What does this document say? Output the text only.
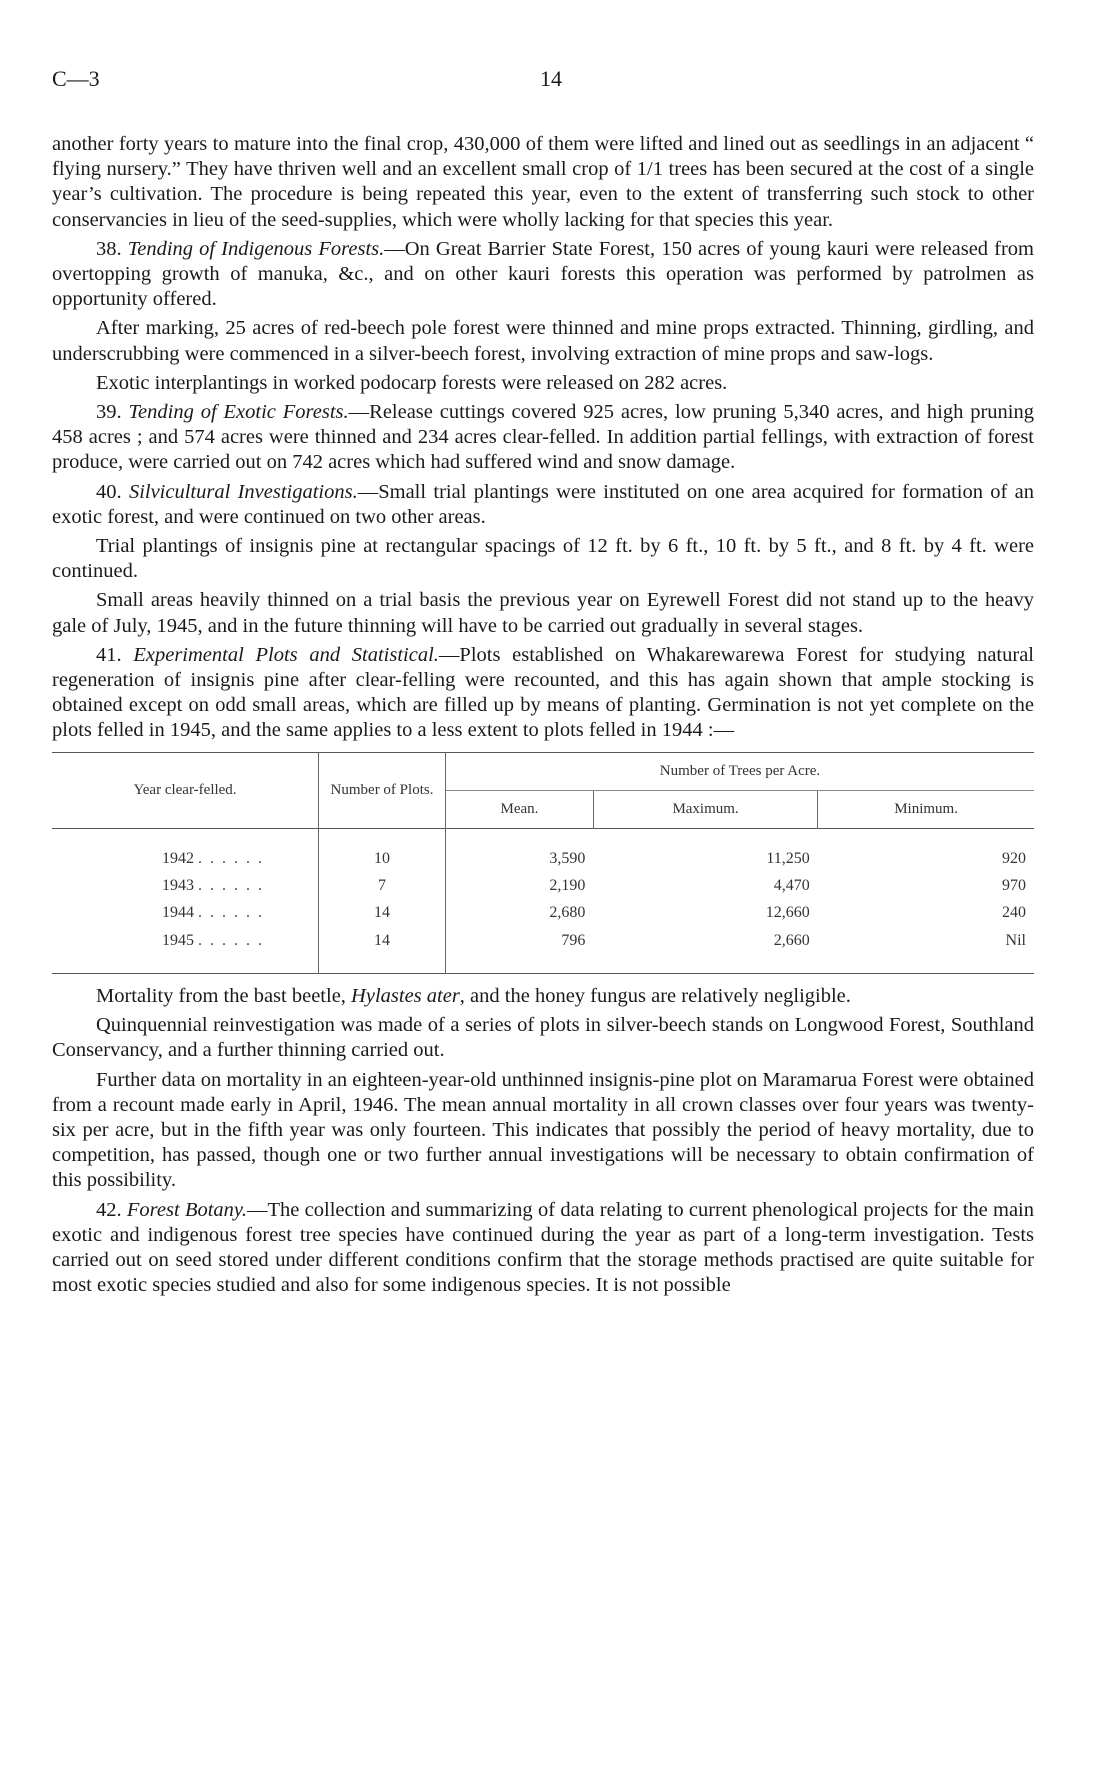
C—3	14

another forty years to mature into the final crop, 430,000 of them were lifted and lined out as seedlings in an adjacent “ flying nursery.” They have thriven well and an excellent small crop of 1/1 trees has been secured at the cost of a single year’s cultivation. The procedure is being repeated this year, even to the extent of transferring such stock to other conservancies in lieu of the seed-supplies, which were wholly lacking for that species this year.

38. Tending of Indigenous Forests.—On Great Barrier State Forest, 150 acres of young kauri were released from overtopping growth of manuka, &c., and on other kauri forests this operation was performed by patrolmen as opportunity offered.

After marking, 25 acres of red-beech pole forest were thinned and mine props extracted. Thinning, girdling, and underscrubbing were commenced in a silver-beech forest, involving extraction of mine props and saw-logs.

Exotic interplantings in worked podocarp forests were released on 282 acres.

39. Tending of Exotic Forests.—Release cuttings covered 925 acres, low pruning 5,340 acres, and high pruning 458 acres ; and 574 acres were thinned and 234 acres clear-felled. In addition partial fellings, with extraction of forest produce, were carried out on 742 acres which had suffered wind and snow damage.

40. Silvicultural Investigations.—Small trial plantings were instituted on one area acquired for formation of an exotic forest, and were continued on two other areas.

Trial plantings of insignis pine at rectangular spacings of 12 ft. by 6 ft., 10 ft. by 5 ft., and 8 ft. by 4 ft. were continued.

Small areas heavily thinned on a trial basis the previous year on Eyrewell Forest did not stand up to the heavy gale of July, 1945, and in the future thinning will have to be carried out gradually in several stages.

41. Experimental Plots and Statistical.—Plots established on Whakarewarewa Forest for studying natural regeneration of insignis pine after clear-felling were recounted, and this has again shown that ample stocking is obtained except on odd small areas, which are filled up by means of planting. Germination is not yet complete on the plots felled in 1945, and the same applies to a less extent to plots felled in 1944 :—

Year clear-felled.	Number of Plots.	Number of Trees per Acre.		
		Mean.	Maximum.	Minimum.

1942 . . . . . .	10	3,590	11,250	920
1943 . . . . . .	7	2,190	4,470	970
1944 . . . . . .	14	2,680	12,660	240
1945 . . . . . .	14	796	2,660	Nil

Mortality from the bast beetle, Hylastes ater, and the honey fungus are relatively negligible.

Quinquennial reinvestigation was made of a series of plots in silver-beech stands on Longwood Forest, Southland Conservancy, and a further thinning carried out.

Further data on mortality in an eighteen-year-old unthinned insignis-pine plot on Maramarua Forest were obtained from a recount made early in April, 1946. The mean annual mortality in all crown classes over four years was twenty-six per acre, but in the fifth year was only fourteen. This indicates that possibly the period of heavy mortality, due to competition, has passed, though one or two further annual investigations will be necessary to obtain confirmation of this possibility.

42. Forest Botany.—The collection and summarizing of data relating to current phenological projects for the main exotic and indigenous forest tree species have continued during the year as part of a long-term investigation. Tests carried out on seed stored under different conditions confirm that the storage methods practised are quite suitable for most exotic species studied and also for some indigenous species. It is not possible
